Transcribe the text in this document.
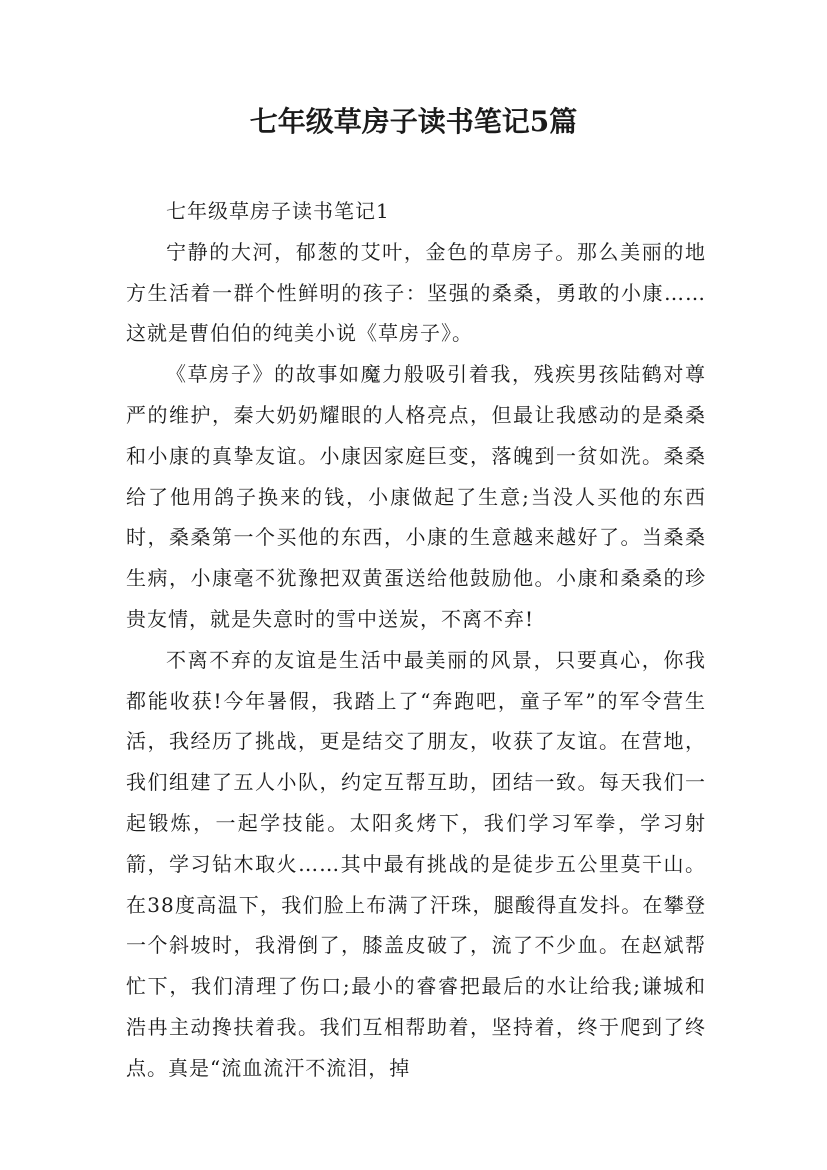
七年级草房子读书笔记5篇

七年级草房子读书笔记1

宁静的大河，郁葱的艾叶，金色的草房子。那么美丽的地方生活着一群个性鲜明的孩子：坚强的桑桑，勇敢的小康……这就是曹伯伯的纯美小说《草房子》。

《草房子》的故事如魔力般吸引着我，残疾男孩陆鹤对尊严的维护，秦大奶奶耀眼的人格亮点，但最让我感动的是桑桑和小康的真挚友谊。小康因家庭巨变，落魄到一贫如洗。桑桑给了他用鸽子换来的钱，小康做起了生意;当没人买他的东西时，桑桑第一个买他的东西，小康的生意越来越好了。当桑桑生病，小康毫不犹豫把双黄蛋送给他鼓励他。小康和桑桑的珍贵友情，就是失意时的雪中送炭，不离不弃!

不离不弃的友谊是生活中最美丽的风景，只要真心，你我都能收获!今年暑假，我踏上了“奔跑吧，童子军”的军令营生活，我经历了挑战，更是结交了朋友，收获了友谊。在营地，我们组建了五人小队，约定互帮互助，团结一致。每天我们一起锻炼，一起学技能。太阳炙烤下，我们学习军拳，学习射箭，学习钻木取火……其中最有挑战的是徒步五公里莫干山。在38度高温下，我们脸上布满了汗珠，腿酸得直发抖。在攀登一个斜坡时，我滑倒了，膝盖皮破了，流了不少血。在赵斌帮忙下，我们清理了伤口;最小的睿睿把最后的水让给我;谦城和浩冉主动搀扶着我。我们互相帮助着，坚持着，终于爬到了终点。真是“流血流汗不流泪，掉
